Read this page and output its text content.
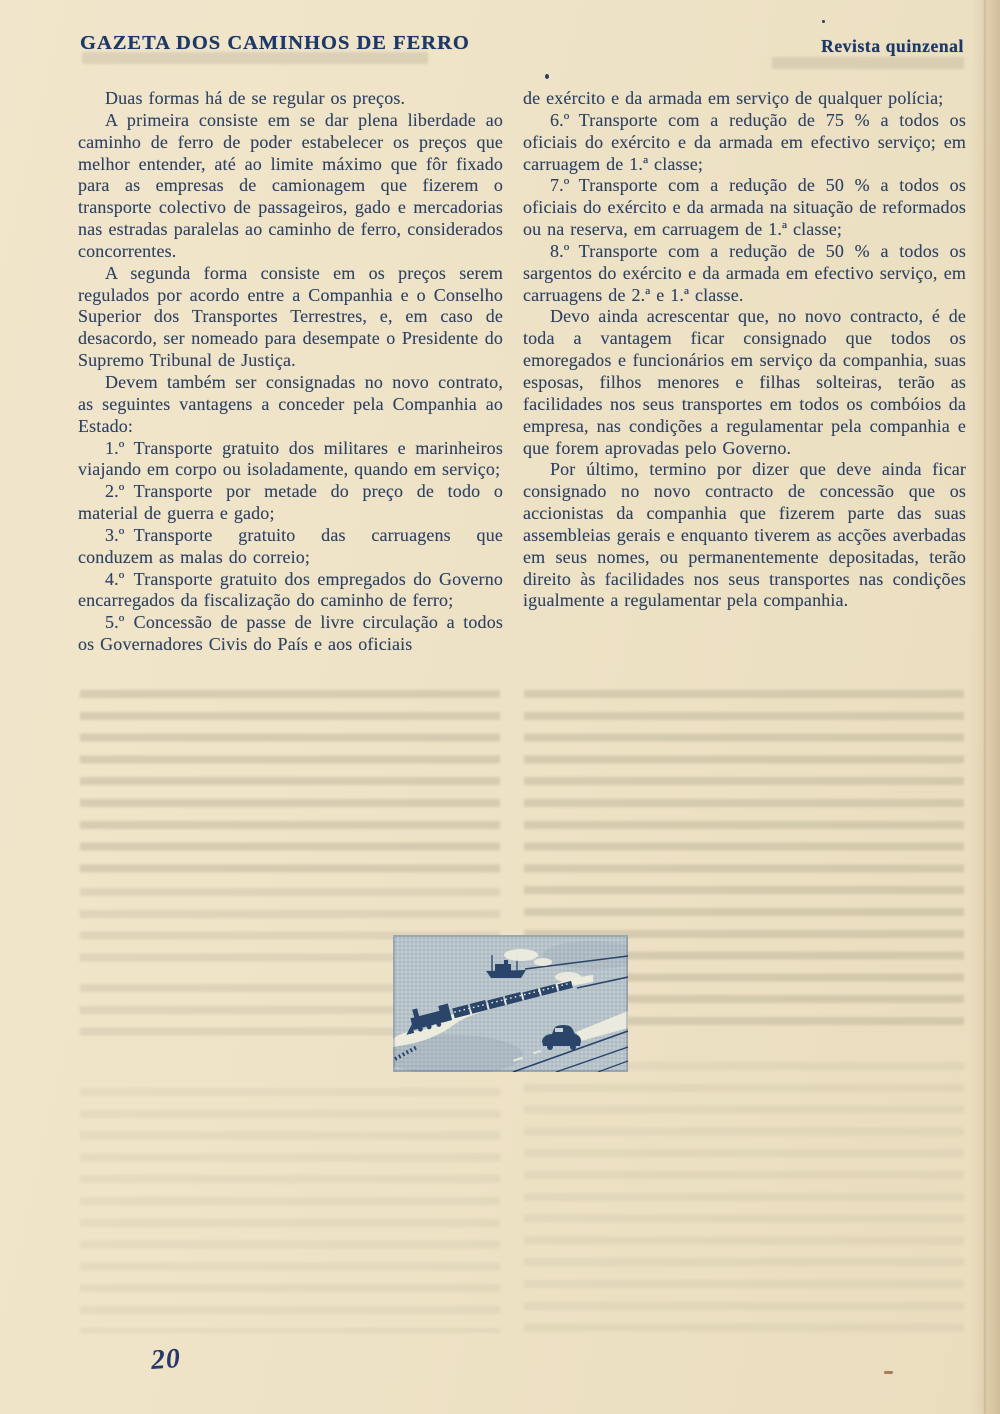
GAZETA DOS CAMINHOS DE FERRO	Revista quinzenal

Duas formas há de se regular os preços.

A primeira consiste em se dar plena liberdade ao caminho de ferro de poder estabelecer os preços que melhor entender, até ao limite máximo que fôr fixado para as empresas de camionagem que fizerem o transporte colectivo de passageiros, gado e mercadorias nas estradas paralelas ao caminho de ferro, considerados concorrentes.

A segunda forma consiste em os preços serem regulados por acordo entre a Companhia e o Conselho Superior dos Transportes Terrestres, e, em caso de desacordo, ser nomeado para desempate o Presidente do Supremo Tribunal de Justiça.

Devem também ser consignadas no novo contrato, as seguintes vantagens a conceder pela Companhia ao Estado:

1.º Transporte gratuito dos militares e marinheiros viajando em corpo ou isoladamente, quando em serviço;

2.º Transporte por metade do preço de todo o material de guerra e gado;

3.º Transporte gratuito das carruagens que conduzem as malas do correio;

4.º Transporte gratuito dos empregados do Governo encarregados da fiscalização do caminho de ferro;

5.º Concessão de passe de livre circulação a todos os Governadores Civis do País e aos oficiais

de exército e da armada em serviço de qualquer polícia;

6.º Transporte com a redução de 75 % a todos os oficiais do exército e da armada em efectivo serviço; em carruagem de 1.ª classe;

7.º Transporte com a redução de 50 % a todos os oficiais do exército e da armada na situação de reformados ou na reserva, em carruagem de 1.ª classe;

8.º Transporte com a redução de 50 % a todos os sargentos do exército e da armada em efectivo serviço, em carruagens de 2.ª e 1.ª classe.

Devo ainda acrescentar que, no novo contracto, é de toda a vantagem ficar consignado que todos os emoregados e funcionários em serviço da companhia, suas esposas, filhos menores e filhas solteiras, terão as facilidades nos seus transportes em todos os combóios da empresa, nas condições a regulamentar pela companhia e que forem aprovadas pelo Governo.

Por último, termino por dizer que deve ainda ficar consignado no novo contracto de concessão que os accionistas da companhia que fizerem parte das suas assembleias gerais e enquanto tiverem as acções averbadas em seus nomes, ou permanentemente depositadas, terão direito às facilidades nos seus transportes nas condições igualmente a regulamentar pela companhia.

20
